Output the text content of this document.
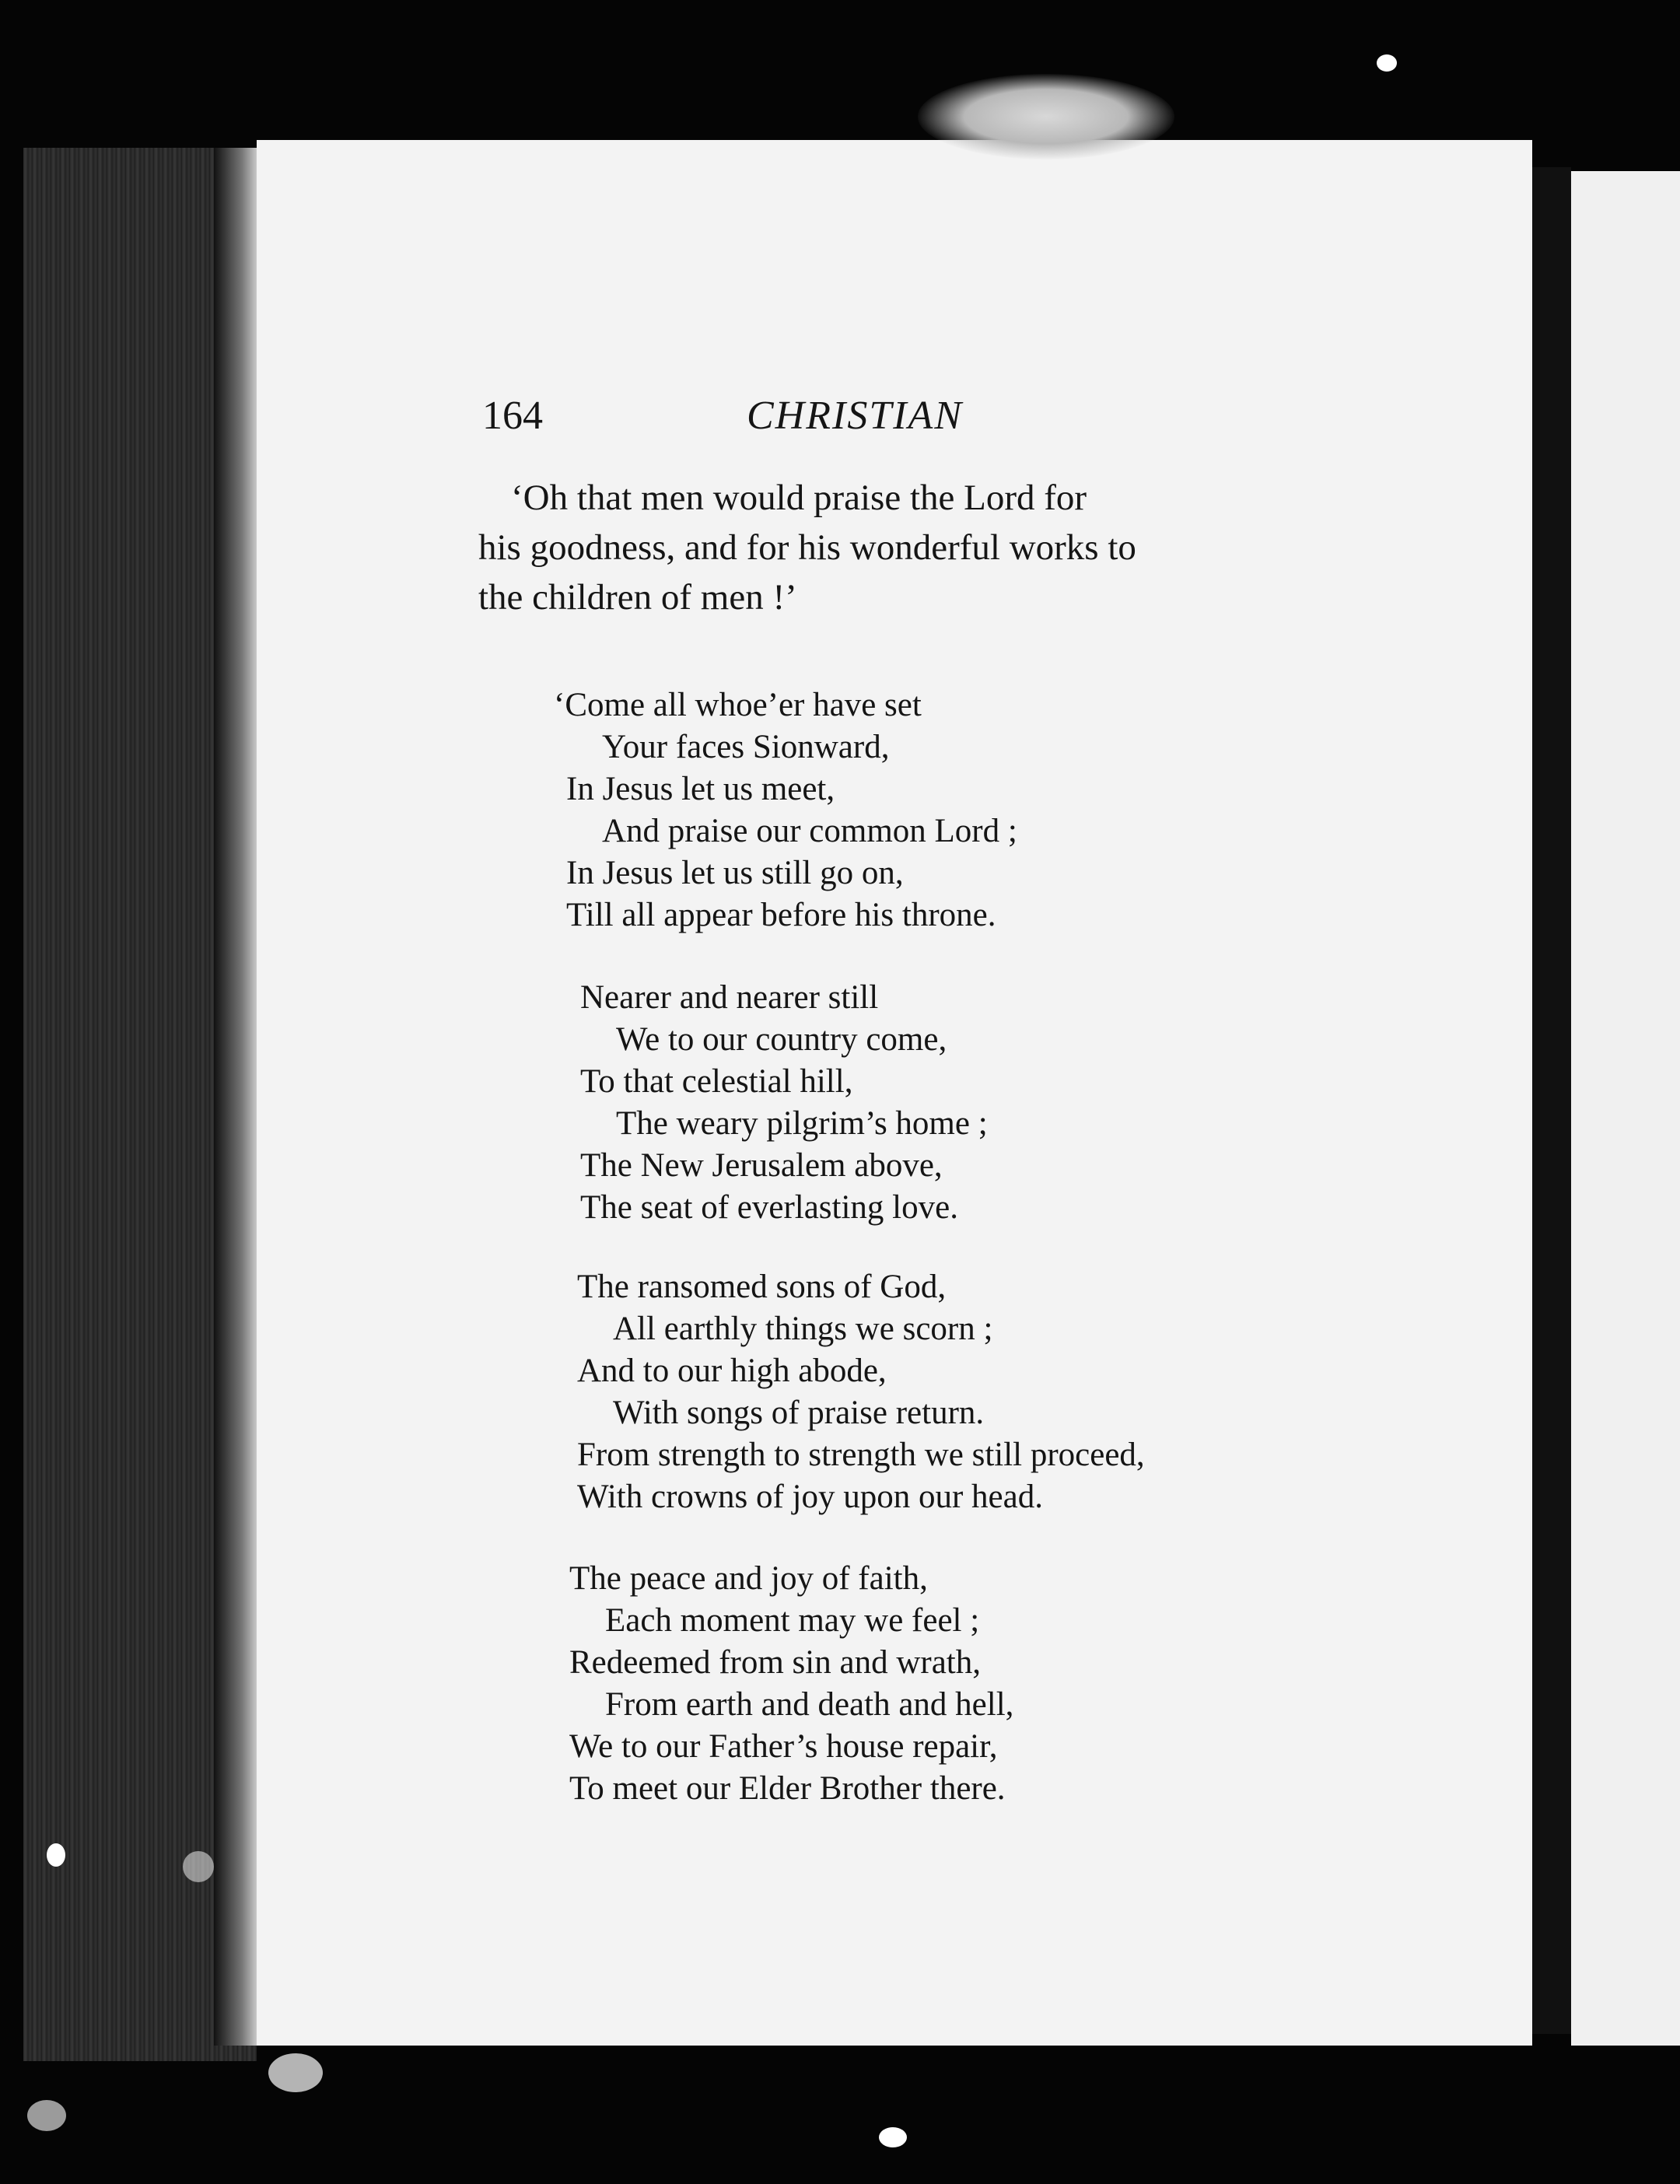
164	CHRISTIAN
‘Oh that men would praise the Lord for
his goodness, and for his wonderful works to
the children of men !’
‘Come all whoe’er have set
Your faces Sionward,
In Jesus let us meet,
And praise our common Lord ;
In Jesus let us still go on,
Till all appear before his throne.
Nearer and nearer still
We to our country come,
To that celestial hill,
The weary pilgrim’s home ;
The New Jerusalem above,
The seat of everlasting love.
The ransomed sons of God,
All earthly things we scorn ;
And to our high abode,
With songs of praise return.
From strength to strength we still proceed,
With crowns of joy upon our head.
The peace and joy of faith,
Each moment may we feel ;
Redeemed from sin and wrath,
From earth and death and hell,
We to our Father’s house repair,
To meet our Elder Brother there.
